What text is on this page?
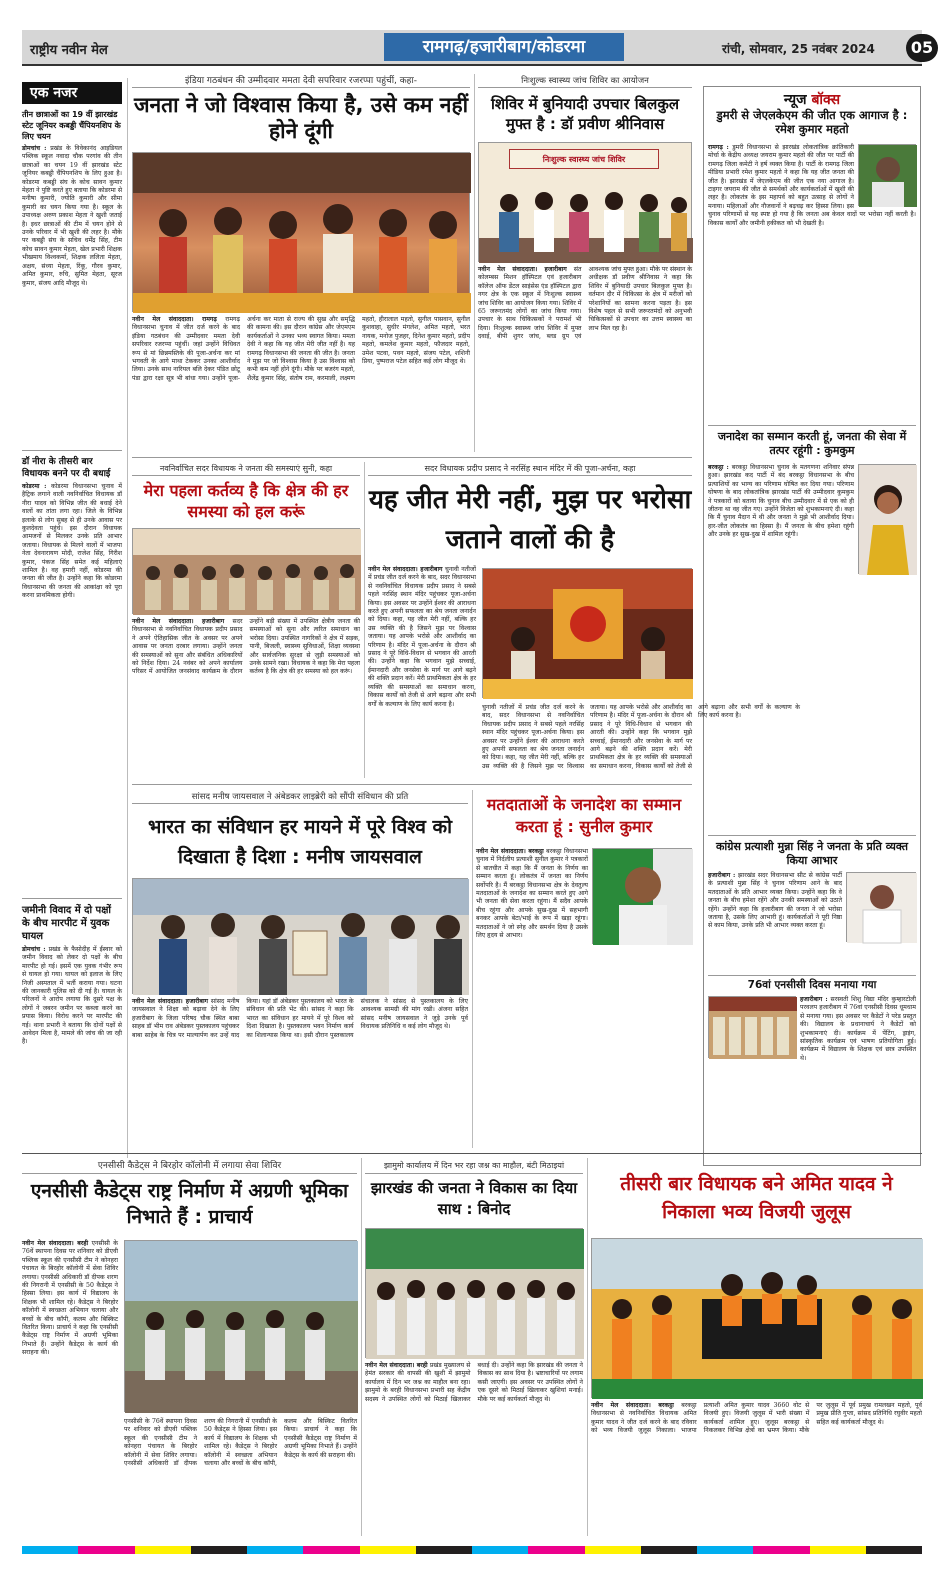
राष्ट्रीय नवीन मेल	रामगढ़/हजारीबाग/कोडरमा	रांची, सोमवार, 25 नवंबर 2024	05
एक नजर
तीन छात्राओं का 19 वीं झारखंड स्टेट जूनियर कबड्डी चैंपियनशिप के लिए चयन
डोमचांच : प्रखंड के विवेकानंद आइडियल पब्लिक स्कूल नवादा चौक परगांव की तीन छात्राओं का चयन 19 वीं झारखंड स्टेट जूनियर कबड्डी चैंपियनशिप के लिए हुआ है। कोडरमा कबड्डी संघ के कोच सावन कुमार मेहता ने पुष्टि करते हुए बताया कि कोडरमा से मनीषा कुमारी, ज्योति कुमारी और सीमा कुमारी का चयन किया गया है। स्कूल के उपाध्यक्ष अरुण प्रकाश मेहता ने खुशी जताई है। इधर छात्राओं की टीम में चयन होने से उनके परिवार में भी खुशी की लहर है। मौके पर कबड्डी संघ के सचिव धर्मेंद्र सिंह, टीम कोच सावन कुमार मेहता, खेल प्रभारी शिक्षक भीखमाय विश्वकर्मा, शिक्षक ललिता मेहता, अक्षय, संध्या मेहता, रिंकू, गौरव कुमार, अमित कुमार, रुचि, सुमित मेहता, सूरज कुमार, संजय आदि मौजूद थे।
डॉ नीरा के तीसरी बार विधायक बनने पर दी बधाई
कोडरमा : कोडरमा विधानसभा चुनाव में हैट्रिक लगाने वाली नवनिर्वाचित विधायक डॉ नीरा यादव को विभिन्न जीत की बधाई देने वालों का तांता लगा रहा। जिले के विभिन्न इलाके से लोग सुबह से ही उनके आवास पर कुलदेवता पहुंचे। इस दौरान विधायक आमजनों से मिलकर उनके प्रति आभार जताया। विधायक से मिलने वालों में भाजपा नेता देवनारायण मोदी, राजेश सिंह, गिरीश कुमार, पंकज सिंह समेत कई महिलाएं शामिल है। वह हमारी नहीं, कोडरमा की जनता की जीत है। उन्होंने कहा कि कोडरमा विधानसभा की जनता की आकांक्षा को पूरा करना प्राथमिकता होगी।
जमीनी विवाद में दो पक्षों के बीच मारपीट में युवक घायल
डोमचांच : प्रखंड के फैसोदीह में ईंस्वार को जमीन विवाद को लेकर दो पक्षों के बीच मारपीट हो गई। इसमें एक युवक गंभीर रूप से घायल हो गया। घायल को इलाज के लिए निजी अस्पताल में भर्ती कराया गया। घटना की जानकारी पुलिस को दी गई है। घायल के परिजनों ने आरोप लगाया कि दूसरे पक्ष के लोगों ने जबरन जमीन पर कब्जा करने का प्रयास किया। विरोध करने पर मारपीट की गई। थाना प्रभारी ने बताया कि दोनों पक्षों से आवेदन मिला है, मामले की जांच की जा रही है।
इंडिया गठबंधन की उम्मीदवार ममता देवी सपरिवार रजरप्पा पहुंचीं, कहा-
जनता ने जो विश्वास किया है, उसे कम नहीं होने दूंगी
नवीन मेल संवाददाता। रामगढ़ रामगढ़ विधानसभा चुनाव में जीत दर्ज करने के बाद इंडिया गठबंधन की उम्मीदवार ममता देवी सपरिवार रजरप्पा पहुंचीं। जहां उन्होंने विधिवत रूप से मां छिन्नमस्तिके की पूजा-अर्चना कर मां भगवती के आगे माथा टेककर उनका आशीर्वाद लिया। उनके साथ नारियल बलि देकर पंडित छोटू पंडा द्वारा रक्षा सूत्र भी बांधा गया। उन्होंने पूजा-अर्चना कर माता से राज्य की सुख और समृद्धि की कामना की। इस दौरान कांग्रेस और जेएमएम कार्यकर्ताओं ने उनका भव्य स्वागत किया। ममता देवी ने कहा कि यह जीत मेरी जीत नहीं है। यह रामगढ़ विधानसभा की जनता की जीत है। जनता ने मुझ पर जो विश्वास किया है उस विश्वास को कभी कम नहीं होने दूंगी। मौके पर बजरंग महतो, शैलेंद्र कुमार सिंह, संतोष राम, करमाली, लक्ष्मण महतो, हीरालाल महतो, सुनील पासवान, सुनील कुशवाहा, सुधीर मंगलेश, अमित महतो, भरत नायक, मनोज पुजहर, दिनेश कुमार महतो, प्रदीप महतो, कमलेश कुमार महतो, फौजदार महतो, उमेश पटवा, पवन महतो, संजय पटेल, शशिनी प्रिया, पुष्पराज पटेल सहित कई लोग मौजूद थे।
निःशुल्क स्वास्थ्य जांच शिविर का आयोजन
शिविर में बुनियादी उपचार बिलकुल मुफ्त है : डॉ प्रवीण श्रीनिवास
निःशुल्क स्वास्थ्य जांच शिविर
नवीन मेल संवाददाता। हजारीबाग संत कोलम्बस मिशन हॉस्पिटल एवं हजारीबाग कॉलेज ऑफ डेंटल साइंसेस एंड हॉस्पिटल द्वारा नगर क्षेत्र के एक स्कूल में निःशुल्क स्वास्थ्य जांच शिविर का आयोजन किया गया। शिविर में 65 जरूरतमंद लोगों का जांच किया गया। उपचार के साथ चिकित्सकों ने परामर्श भी दिया। निःशुल्क स्वास्थ्य जांच शिविर में मुफ्त दवाई, बीपी शुगर जांच, ब्लड ग्रुप एवं आवश्यक जांच मुफ्त हुआ। मौके पर संस्थान के अधीक्षक डॉ प्रवीण श्रीनिवास ने कहा कि शिविर में बुनियादी उपचार बिलकुल मुफ्त है। वर्तमान दौर में चिकित्सा के क्षेत्र में मरीजों को परेशानियों का सामना करना पड़ता है। इस विशेष पहल से सभी जरूरतमंदों को अनुभवी चिकित्सकों से उपचार का उत्तम स्वास्थ्य का लाभ मिल रहा है।
न्यूज बॉक्स
डुमरी से जेएलकेएम की जीत एक आगाज है : रमेश कुमार महतो
रामगढ़ : डुमरी विधानसभा से झारखंड लोकतांत्रिक क्रांतिकारी मोर्चा के केंद्रीय अध्यक्ष जयराम कुमार महतो की जीत पर पार्टी की रामगढ़ जिला कमेटी ने हर्ष व्यक्त किया है। पार्टी के रामगढ़ जिला मीडिया प्रभारी रमेश कुमार महतो ने कहा कि यह जीत जनता की जीत है। झारखंड में जेएलकेएम की जीत एक नया आगाज है। टाइगर जयराम की जीत से समर्थकों और कार्यकर्ताओं में खुशी की लहर है। लोकतंत्र के इस महापर्व को बहुत उत्साह से लोगों ने मनाया। महिलाओं और नौजवानों ने बढ़चढ़ कर हिस्सा लिया। इस चुनाव परिणामों से यह स्पष्ट हो गया है कि जनता अब केवल वादों पर भरोसा नहीं करती है। विकास कार्यों और जमीनी हकीकत को भी देखती है।
जनादेश का सम्मान करती हूं, जनता की सेवा में तत्पर रहूंगी : कुमकुम
बरकट्ठा : बरकट्ठा विधानसभा चुनाव के मतगणना शनिवार संपन्न हुआ। झारखंड कद पार्टी में बंद बरकट्ठा विधानसभा के बीच प्रत्याशियों का भाग्य का परिणाम घोषित कर दिया गया। परिणाम घोषणा के बाद लोकतांत्रिक झारखंड पार्टी की उम्मीदवार कुमकुम ने पत्रकारों को बताया कि चुनाव बीच उम्मीदवार में से एक को ही जीतना था वह जीत गए। उन्होंने विजेता को शुभकामनाएं दी। कहा कि मैं चुनाव मैदान में थी और जनता ने मुझे भी आशीर्वाद दिया। हार-जीत लोकतंत्र का हिस्सा है। मैं जनता के बीच हमेशा रहूंगी और उनके हर सुख-दुख में शामिल रहूंगी।
कांग्रेस प्रत्याशी मुन्ना सिंह ने जनता के प्रति व्यक्त किया आभार
हजारीबाग : झारखंड सदर विधानसभा सीट से कांग्रेस पार्टी के प्रत्याशी मुन्ना सिंह ने चुनाव परिणाम आने के बाद मतदाताओं के प्रति आभार व्यक्त किया। उन्होंने कहा कि वे जनता के बीच हमेशा रहेंगे और उनकी समस्याओं को उठाते रहेंगे। उन्होंने कहा कि हजारीबाग की जनता ने जो भरोसा जताया है, उसके लिए आभारी हूं। कार्यकर्ताओं ने पूरी निष्ठा से काम किया, उनके प्रति भी आभार व्यक्त करता हूं।
76वां एनसीसी दिवस मनाया गया
हजारीबाग : सरस्वती शिशु विद्या मंदिर कुम्हारटोली परवलप हजारीबाग में 76वां एनसीसी दिवस धूमधाम से मनाया गया। इस अवसर पर कैडेटों ने परेड प्रस्तुत की। विद्यालय के प्रधानाचार्य ने कैडेटों को शुभकामनाएं दी। कार्यक्रम में पेंटिंग, ड्राइंग, सांस्कृतिक कार्यक्रम एवं भाषण प्रतियोगिता हुई। कार्यक्रम में विद्यालय के शिक्षक एवं छात्र उपस्थित थे।
नवनिर्वाचित सदर विधायक ने जनता की समस्याएं सुनी, कहा
मेरा पहला कर्तव्य है कि क्षेत्र की हर समस्या को हल करूं
नवीन मेल संवाददाता। हजारीबाग सदर विधानसभा से नवनिर्वाचित विधायक प्रदीप प्रसाद ने अपने ऐतिहासिक जीत के अवसर पर अपने आवास पर जनता दरबार लगाया। उन्होंने जनता की समस्याओं को सुना और संबंधित अधिकारियों को निर्देश दिया। 24 नवंबर को अपने कार्यालय परिसर में आयोजित जनसंवाद कार्यक्रम के दौरान उन्होंने बड़ी संख्या में उपस्थित क्षेत्रीय जनता की समस्याओं को सुना और त्वरित समाधान का भरोसा दिया। उपस्थित नागरिकों ने क्षेत्र में सड़क, पानी, बिजली, स्वास्थ्य सुविधाओं, शिक्षा व्यवस्था और सार्वजनिक सुरक्षा से जुड़ी समस्याओं को उनके सामने रखा। विधायक ने कहा कि मेरा पहला कर्तव्य है कि क्षेत्र की हर समस्या को हल करूं।
सदर विधायक प्रदीप प्रसाद ने नरसिंह स्थान मंदिर में की पूजा-अर्चना, कहा
यह जीत मेरी नहीं, मुझ पर भरोसा जताने वालों की है
नवीन मेल संवाददाता। हजारीबाग चुनावी नतीजों में प्रचंड जीत दर्ज करने के बाद, सदर विधानसभा से नवनिर्वाचित विधायक प्रदीप प्रसाद ने सबसे पहले नरसिंह स्थान मंदिर पहुंचकर पूजा-अर्चना किया। इस अवसर पर उन्होंने ईश्वर की आराधना करते हुए अपनी सफलता का श्रेय जनता जनार्दन को दिया। कहा, यह जीत मेरी नहीं, बल्कि हर उस व्यक्ति की है जिसने मुझ पर विश्वास जताया। यह आपके भरोसे और आशीर्वाद का परिणाम है। मंदिर में पूजा-अर्चना के दौरान श्री प्रसाद ने पूरे विधि-विधान से भगवान की आरती की। उन्होंने कहा कि भगवान मुझे सच्चाई, ईमानदारी और जनसेवा के मार्ग पर आगे बढ़ने की शक्ति प्रदान करें। मेरी प्राथमिकता क्षेत्र के हर व्यक्ति की समस्याओं का समाधान करना, विकास कार्यों को तेजी से आगे बढ़ाना और सभी वर्गों के कल्याण के लिए कार्य करना है।	चुनावी नतीजों में प्रचंड जीत दर्ज करने के बाद, सदर विधानसभा से नवनिर्वाचित विधायक प्रदीप प्रसाद ने सबसे पहले नरसिंह स्थान मंदिर पहुंचकर पूजा-अर्चना किया। इस अवसर पर उन्होंने ईश्वर की आराधना करते हुए अपनी सफलता का श्रेय जनता जनार्दन को दिया। कहा, यह जीत मेरी नहीं, बल्कि हर उस व्यक्ति की है जिसने मुझ पर विश्वास जताया। यह आपके भरोसे और आशीर्वाद का परिणाम है। मंदिर में पूजा-अर्चना के दौरान श्री प्रसाद ने पूरे विधि-विधान से भगवान की आरती की। उन्होंने कहा कि भगवान मुझे सच्चाई, ईमानदारी और जनसेवा के मार्ग पर आगे बढ़ने की शक्ति प्रदान करें। मेरी प्राथमिकता क्षेत्र के हर व्यक्ति की समस्याओं का समाधान करना, विकास कार्यों को तेजी से आगे बढ़ाना और सभी वर्गों के कल्याण के लिए कार्य करना है।
सांसद मनीष जायसवाल ने अंबेडकर लाइब्रेरी को सौंपी संविधान की प्रति
भारत का संविधान हर मायने में पूरे विश्व को दिखाता है दिशा : मनीष जायसवाल
नवीन मेल संवाददाता। हजारीबाग सांसद मनीष जायसवाल ने शिक्षा को बढ़ावा देने के लिए हजारीबाग के जिला परिषद चौक स्थित बाबा साहब डॉ भीम राव अंबेडकर पुस्तकालय पहुंचकर बाबा साहेब के चित्र पर माल्यार्पण कर उन्हें याद किया। यहां डॉ अंबेडकर पुस्तकालय को भारत के संविधान की प्रति भेंट की। सांसद ने कहा कि भारत का संविधान हर मायने में पूरे विश्व को दिशा दिखाता है। पुस्तकालय भवन निर्माण कार्य का शिलान्यास किया था। इसी दौरान पुस्तकालय संचालक ने सांसद से पुस्तकालय के लिए आवश्यक सामग्री की मांग रखी। अंजना सहित सांसद मनीष जायसवाल ने जुड़े उनके पूर्व विधायक प्रतिनिधि व कई लोग मौजूद थे।
मतदाताओं के जनादेश का सम्मान करता हूं : सुनील कुमार
नवीन मेल संवाददाता। बरकट्ठा बरकट्ठा विधानसभा चुनाव में निर्दलीय प्रत्याशी सुनील कुमार ने पत्रकारों से बातचीत में कहा कि मैं जनता के निर्णय का सम्मान करता हूं। लोकतंत्र में जनता का निर्णय सर्वोपरि है। मैं बरकट्ठा विधानसभा क्षेत्र के देवतुल्य मतदाताओं के जनादेश का सम्मान करते हुए आगे भी जनता की सेवा करता रहूंगा। मैं सदैव आपके बीच रहूंगा और आपके सुख-दुख में सहभागी बनकर आपके बेटा/भाई के रूप में खड़ा रहूंगा। मतदाताओं ने जो स्नेह और समर्थन दिया है उसके लिए हृदय से आभार।
एनसीसी कैडेट्स ने बिरहोर कॉलोनी में लगाया सेवा शिविर
एनसीसी कैडेट्स राष्ट्र निर्माण में अग्रणी भूमिका निभाते हैं : प्राचार्य
नवीन मेल संवाददाता। बरही एनसीसी के 76वें स्थापना दिवस पर शनिवार को डीएवी पब्लिक स्कूल की एनसीसी टीम ने कोनहरा पंचायत के बिरहोर कॉलोनी में सेवा शिविर लगाया। एनसीसी अधिकारी डॉ दीपक शरण की निगरानी में एनसीसी के 50 कैडेट्स ने हिस्सा लिया। इस कार्य में विद्यालय के शिक्षक भी शामिल रहे। कैडेट्स ने बिरहोर कॉलोनी में स्वच्छता अभियान चलाया और बच्चों के बीच कॉपी, कलम और बिस्किट वितरित किया। प्राचार्य ने कहा कि एनसीसी कैडेट्स राष्ट्र निर्माण में अग्रणी भूमिका निभाते हैं। उन्होंने कैडेट्स के कार्य की सराहना की।
एनसीसी के 76वें स्थापना दिवस पर शनिवार को डीएवी पब्लिक स्कूल की एनसीसी टीम ने कोनहरा पंचायत के बिरहोर कॉलोनी में सेवा शिविर लगाया। एनसीसी अधिकारी डॉ दीपक शरण की निगरानी में एनसीसी के 50 कैडेट्स ने हिस्सा लिया। इस कार्य में विद्यालय के शिक्षक भी शामिल रहे। कैडेट्स ने बिरहोर कॉलोनी में स्वच्छता अभियान चलाया और बच्चों के बीच कॉपी, कलम और बिस्किट वितरित किया। प्राचार्य ने कहा कि एनसीसी कैडेट्स राष्ट्र निर्माण में अग्रणी भूमिका निभाते हैं। उन्होंने कैडेट्स के कार्य की सराहना की।
झामुमो कार्यालय में दिन भर रहा जश्न का माहौल, बंटी मिठाइयां
झारखंड की जनता ने विकास का दिया साथ : बिनोद
नवीन मेल संवाददाता। बरही प्रखंड मुख्यालय से हेमंत सरकार की वापसी की खुशी में झामुमो कार्यालय में दिन भर जश्न का माहौल बना रहा। झामुमो के बरही विधानसभा प्रभारी सह केंद्रीय सदस्य ने उपस्थित लोगों को मिठाई खिलाकर बधाई दी। उन्होंने कहा कि झारखंड की जनता ने विकास का साथ दिया है। भ्रष्टाचारियों पर लगाम कसी जाएगी। इस अवसर पर उपस्थित लोगों ने एक दूसरे को मिठाई खिलाकर खुशियां मनाई। मौके पर कई कार्यकर्ता मौजूद थे।
तीसरी बार विधायक बने अमित यादव ने निकाला भव्य विजयी जुलूस
नवीन मेल संवाददाता। बरकट्ठा बरकट्ठा विधानसभा से नवनिर्वाचित विधायक अमित कुमार यादव ने जीत दर्ज करने के बाद रविवार को भव्य विजयी जुलूस निकाला। भाजपा प्रत्याशी अमित कुमार यादव 3660 वोट से विजयी हुए। विजयी जुलूस में भारी संख्या में कार्यकर्ता शामिल हुए। जुलूस बरकट्ठा से निकलकर विभिन्न क्षेत्रों का भ्रमण किया। मौके पर जुलूस में पूर्व प्रमुख रामलखन महतो, पूर्व प्रमुख प्रीति गुप्ता, सांसद प्रतिनिधि रघुवीर महतो सहित कई कार्यकर्ता मौजूद थे।
